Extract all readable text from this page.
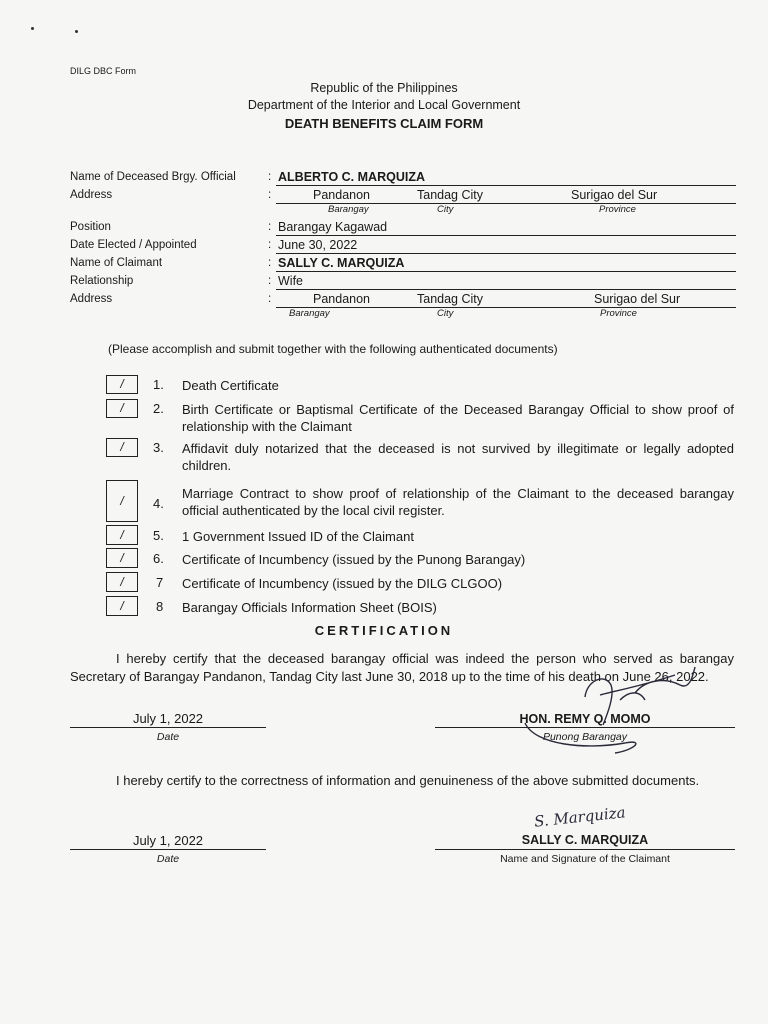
DILG DBC Form
Republic of the Philippines
Department of the Interior and Local Government
DEATH BENEFITS CLAIM FORM
Name of Deceased Brgy. Official	: ALBERTO C. MARQUIZA
Address	:	Pandanon	Tandag City	Surigao del Sur
Barangay	City	Province
Position	: Barangay Kagawad
Date Elected / Appointed	: June 30, 2022
Name of Claimant	: SALLY C. MARQUIZA
Relationship	: Wife
Address	:	Pandanon	Tandag City	Surigao del Sur
Barangay	City	Province
(Please accomplish and submit together with the following authenticated documents)
/	1. Death Certificate
/	2. Birth Certificate or Baptismal Certificate of the Deceased Barangay Official to show proof of relationship with the Claimant
/	3. Affidavit duly notarized that the deceased is not survived by illegitimate or legally adopted children.
/	4.
Marriage Contract to show proof of relationship of the Claimant to the deceased barangay official authenticated by the local civil register.
/	5. 1 Government Issued ID of the Claimant
/	6. Certificate of Incumbency (issued by the Punong Barangay)
/	7 Certificate of Incumbency (issued by the DILG CLGOO)
/	8 Barangay Officials Information Sheet (BOIS)
CERTIFICATION
I hereby certify that the deceased barangay official was indeed the person who served as barangay Secretary of Barangay Pandanon, Tandag City last June 30, 2018 up to the time of his death on June 26, 2022.
July 1, 2022
Date
HON. REMY Q. MOMO
Punong Barangay
I hereby certify to the correctness of information and genuineness of the above submitted documents.
July 1, 2022
Date
S. Marquiza
SALLY C. MARQUIZA
Name and Signature of the Claimant
